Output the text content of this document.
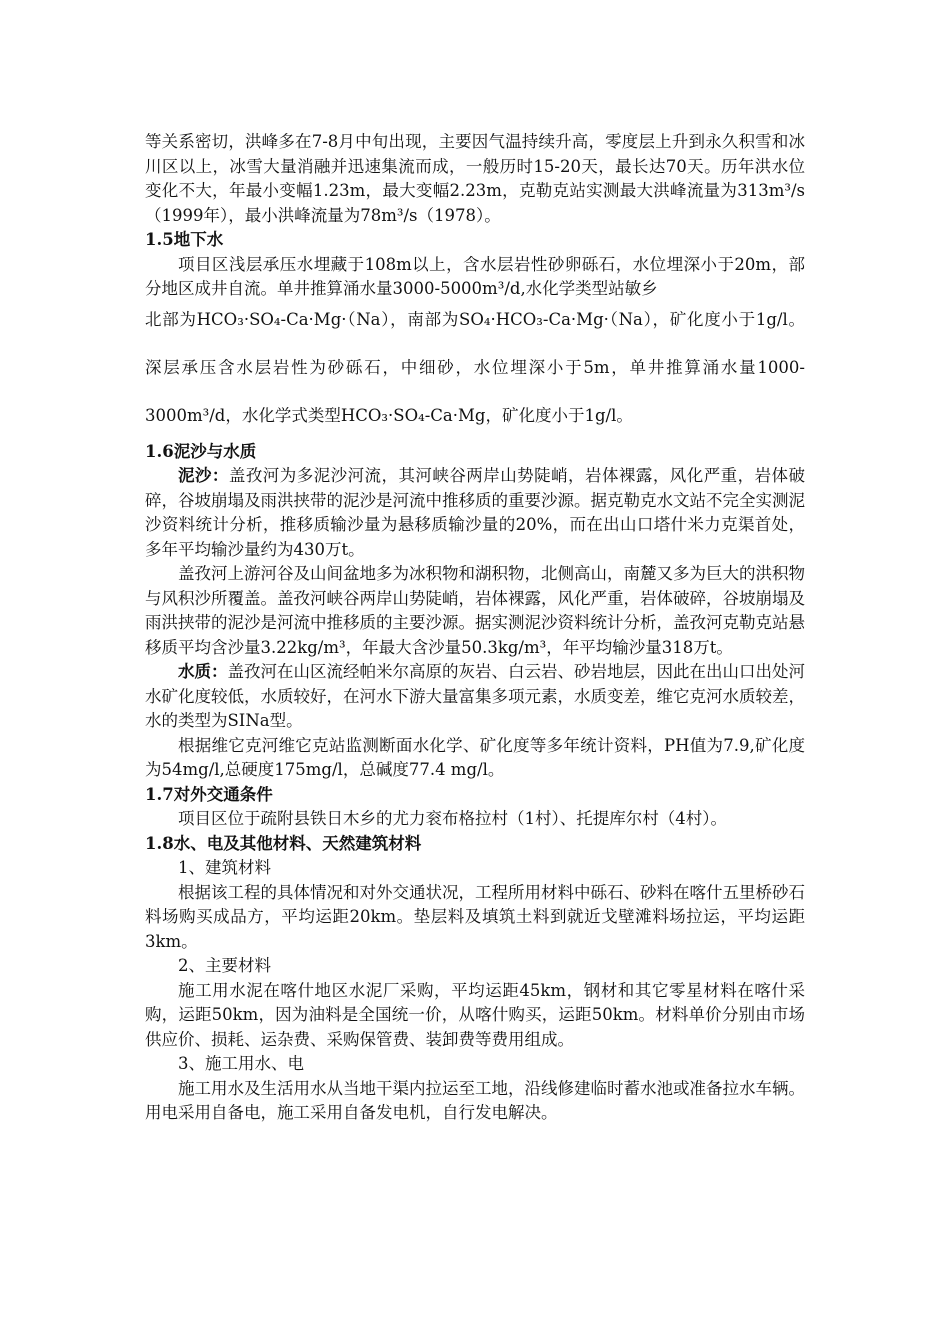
等关系密切，洪峰多在7-8月中旬出现，主要因气温持续升高，零度层上升到永久积雪和冰川区以上，冰雪大量消融并迅速集流而成，一般历时15-20天，最长达70天。历年洪水位变化不大，年最小变幅1.23m，最大变幅2.23m，克勒克站实测最大洪峰流量为313m³/s（1999年），最小洪峰流量为78m³/s（1978）。

1.5地下水

项目区浅层承压水埋藏于108m以上，含水层岩性砂卵砾石，水位埋深小于20m，部分地区成井自流。单井推算涌水量3000-5000m³/d,水化学类型站敏乡

北部为HCO₃·SO₄-Ca·Mg·（Na），南部为SO₄·HCO₃-Ca·Mg·（Na），矿化度小于1g/l。深层承压含水层岩性为砂砾石，中细砂，水位埋深小于5m，单井推算涌水量1000-3000m³/d，水化学式类型HCO₃·SO₄-Ca·Mg，矿化度小于1g/l。

1.6泥沙与水质

泥沙：盖孜河为多泥沙河流，其河峡谷两岸山势陡峭，岩体裸露，风化严重，岩体破碎，谷坡崩塌及雨洪挟带的泥沙是河流中推移质的重要沙源。据克勒克水文站不完全实测泥沙资料统计分析，推移质输沙量为悬移质输沙量的20%，而在出山口塔什米力克渠首处，多年平均输沙量约为430万t。

盖孜河上游河谷及山间盆地多为冰积物和湖积物，北侧高山，南麓又多为巨大的洪积物与风积沙所覆盖。盖孜河峡谷两岸山势陡峭，岩体裸露，风化严重，岩体破碎，谷坡崩塌及雨洪挟带的泥沙是河流中推移质的主要沙源。据实测泥沙资料统计分析，盖孜河克勒克站悬移质平均含沙量3.22kg/m³，年最大含沙量50.3kg/m³，年平均输沙量318万t。

水质：盖孜河在山区流经帕米尔高原的灰岩、白云岩、砂岩地层，因此在出山口出处河水矿化度较低，水质较好，在河水下游大量富集多项元素，水质变差，维它克河水质较差，水的类型为SINa型。

根据维它克河维它克站监测断面水化学、矿化度等多年统计资料，PH值为7.9,矿化度为54mg/l,总硬度175mg/l，总碱度77.4 mg/l。

1.7对外交通条件

项目区位于疏附县铁日木乡的尤力衮布格拉村（1村）、托提库尔村（4村）。

1.8水、电及其他材料、天然建筑材料

1、建筑材料

根据该工程的具体情况和对外交通状况，工程所用材料中砾石、砂料在喀什五里桥砂石料场购买成品方，平均运距20km。垫层料及填筑土料到就近戈壁滩料场拉运，平均运距3km。

2、主要材料

施工用水泥在喀什地区水泥厂采购，平均运距45km，钢材和其它零星材料在喀什采购，运距50km，因为油料是全国统一价，从喀什购买，运距50km。材料单价分别由市场供应价、损耗、运杂费、采购保管费、装卸费等费用组成。

3、施工用水、电

施工用水及生活用水从当地干渠内拉运至工地，沿线修建临时蓄水池或准备拉水车辆。用电采用自备电，施工采用自备发电机，自行发电解决。
